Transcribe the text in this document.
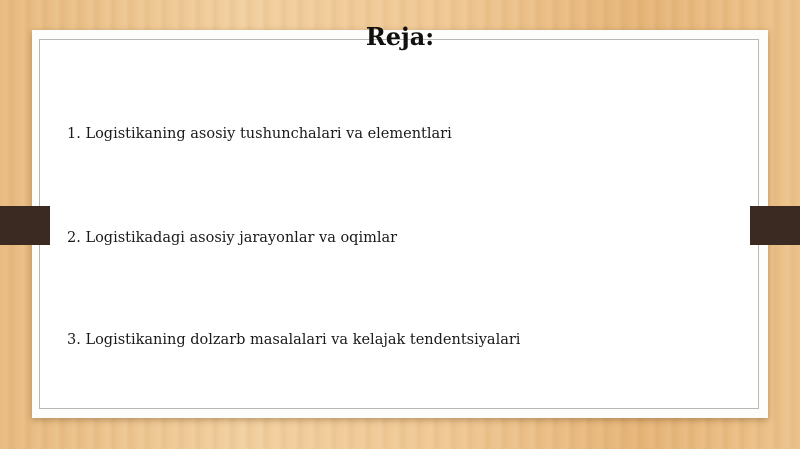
Reja:
1. Logistikaning asosiy tushunchalari va elementlari
2. Logistikadagi asosiy jarayonlar va oqimlar
3. Logistikaning dolzarb masalalari va kelajak tendentsiyalari
